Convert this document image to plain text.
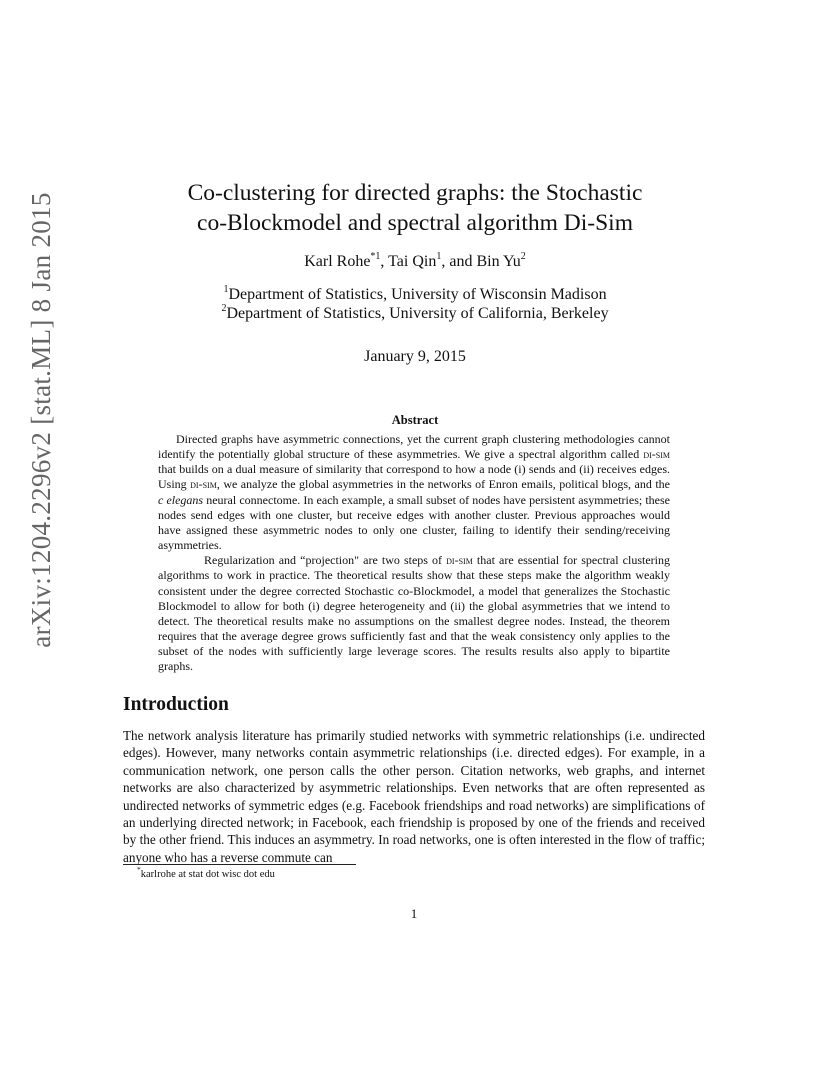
arXiv:1204.2296v2 [stat.ML] 8 Jan 2015	Co-clustering for directed graphs: the Stochastic
co-Blockmodel and spectral algorithm Di-Sim
Karl Rohe$^{*1}$, Tai Qin$^1$, and Bin Yu$^2$
$^1$Department of Statistics, University of Wisconsin Madison
$^2$Department of Statistics, University of California, Berkeley
January 9, 2015
Abstract

Directed graphs have asymmetric connections, yet the current graph clustering methodologies cannot identify the potentially global structure of these asymmetries. We give a spectral algorithm called di-sim that builds on a dual measure of similarity that correspond to how a node (i) sends and (ii) receives edges. Using di-sim, we analyze the global asymmetries in the networks of Enron emails, political blogs, and the c elegans neural connectome. In each example, a small subset of nodes have persistent asymmetries; these nodes send edges with one cluster, but receive edges with another cluster. Previous approaches would have assigned these asymmetric nodes to only one cluster, failing to identify their sending/receiving asymmetries.

Regularization and “projection" are two steps of di-sim that are essential for spectral clustering algorithms to work in practice. The theoretical results show that these steps make the algorithm weakly consistent under the degree corrected Stochastic co-Blockmodel, a model that generalizes the Stochastic Blockmodel to allow for both (i) degree heterogeneity and (ii) the global asymmetries that we intend to detect. The theoretical results make no assumptions on the smallest degree nodes. Instead, the theorem requires that the average degree grows sufficiently fast and that the weak consistency only applies to the subset of the nodes with sufficiently large leverage scores. The results results also apply to bipartite graphs.

Introduction

The network analysis literature has primarily studied networks with symmetric relationships (i.e. undirected edges). However, many networks contain asymmetric relationships (i.e. directed edges). For example, in a communication network, one person calls the other person. Citation networks, web graphs, and internet networks are also characterized by asymmetric relationships. Even networks that are often represented as undirected networks of symmetric edges (e.g. Facebook friendships and road networks) are simplifications of an underlying directed network; in Facebook, each friendship is proposed by one of the friends and received by the other friend. This induces an asymmetry. In road networks, one is often interested in the flow of traffic; anyone who has a reverse commute can

*karlrohe at stat dot wisc dot edu
1
